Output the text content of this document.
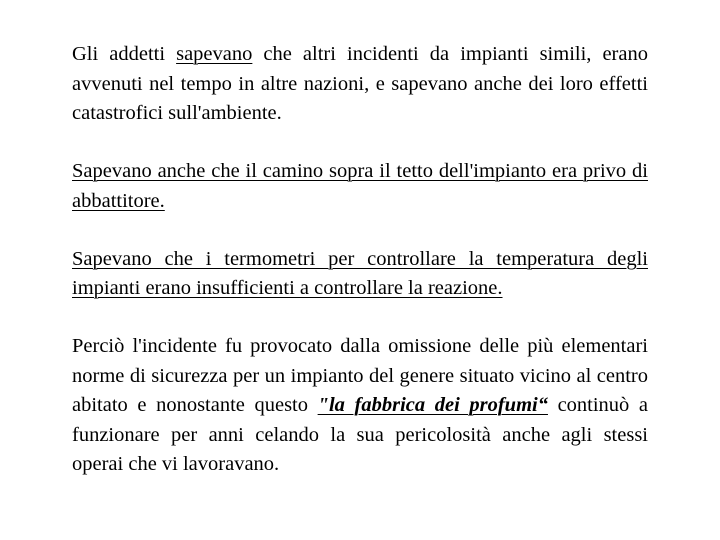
Gli addetti sapevano che altri incidenti da impianti simili, erano avvenuti nel tempo in altre nazioni, e sapevano anche dei loro effetti catastrofici sull'ambiente.

Sapevano anche che il camino sopra il tetto dell'impianto era privo di abbattitore.

Sapevano che i termometri per controllare la temperatura degli impianti erano insufficienti a controllare la reazione.

Perciò l'incidente fu provocato dalla omissione delle più elementari norme di sicurezza per un impianto del genere situato vicino al centro abitato e nonostante questo "la fabbrica dei profumi“ continuò a funzionare per anni celando la sua pericolosità anche agli stessi operai che vi lavoravano.
